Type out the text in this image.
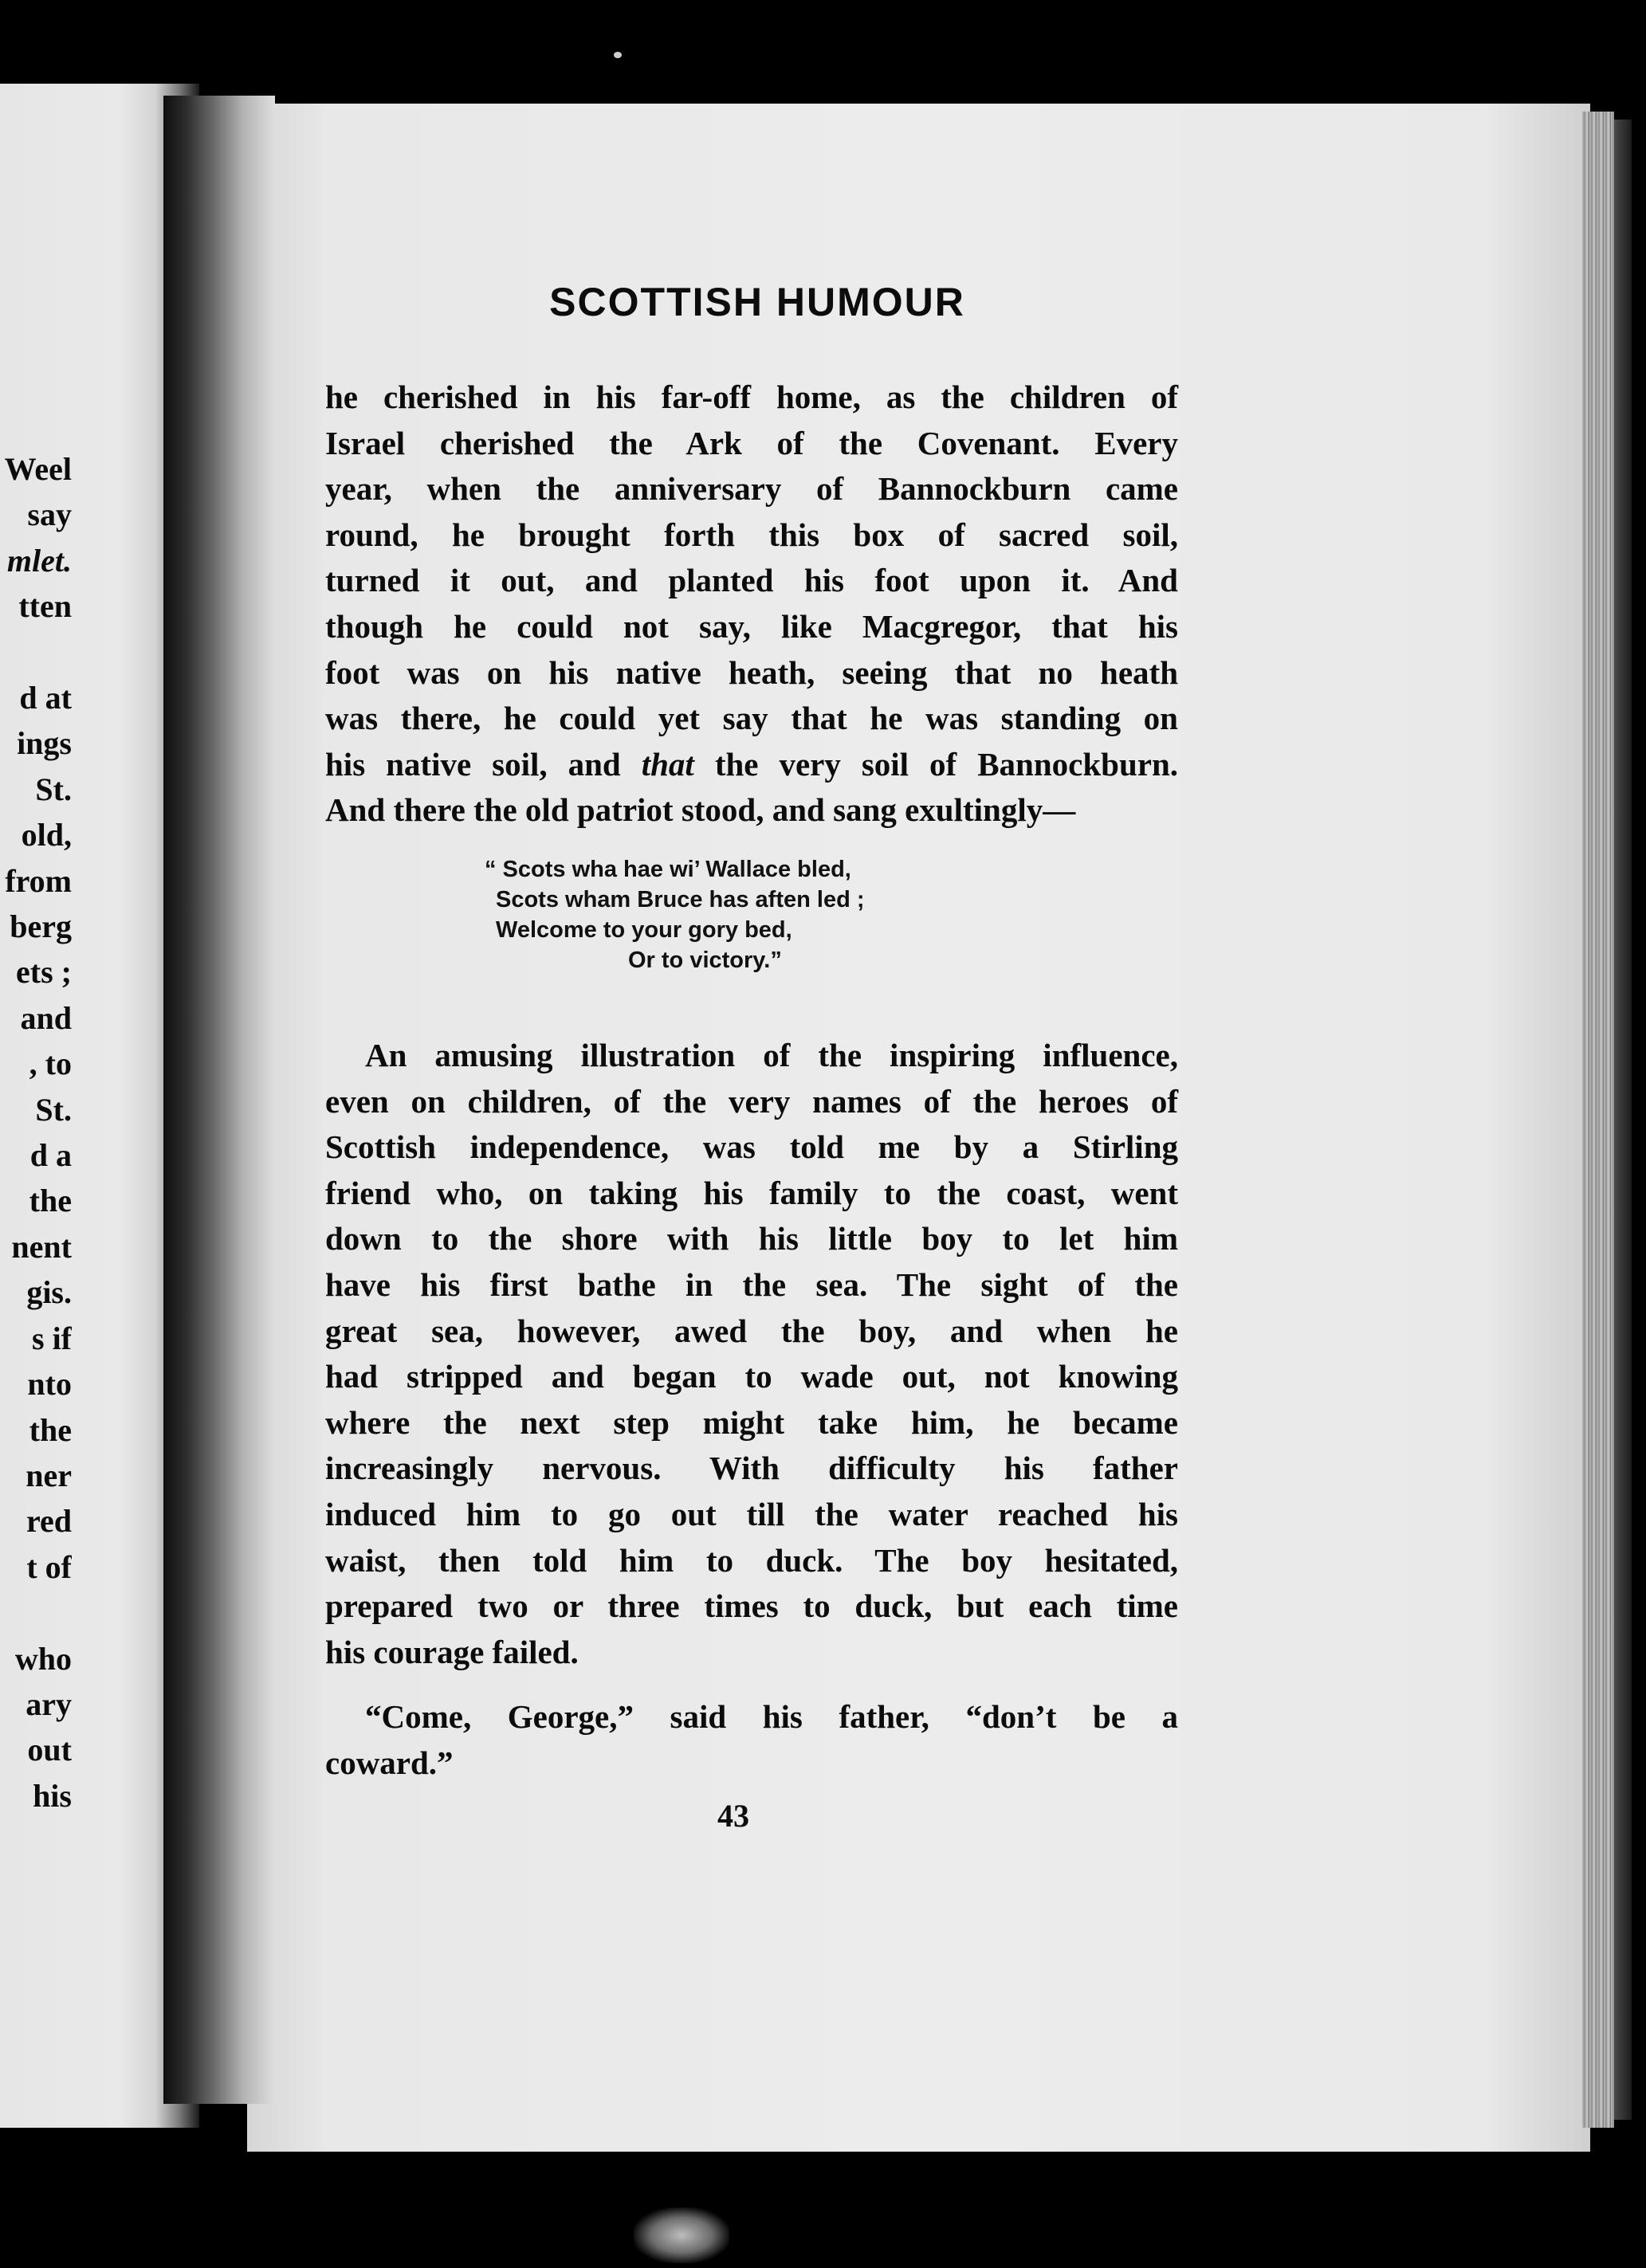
Weel
say
mlet.
tten
d at
ings
St.
old,
from
berg
ets ;
and
, to
St.
d a
the
nent
gis.
s if
nto
the
ner
red
t of
who
ary
out
his
SCOTTISH HUMOUR
he cherished in his far-off home, as the children of
Israel cherished the Ark of the Covenant. Every
year, when the anniversary of Bannockburn came
round, he brought forth this box of sacred soil,
turned it out, and planted his foot upon it. And
though he could not say, like Macgregor, that his
foot was on his native heath, seeing that no heath
was there, he could yet say that he was standing on
his native soil, and that the very soil of Bannockburn.
And there the old patriot stood, and sang exultingly—
“ Scots wha hae wi’ Wallace bled,
Scots wham Bruce has aften led ;
Welcome to your gory bed,
Or to victory.”
An amusing illustration of the inspiring influence,
even on children, of the very names of the heroes of
Scottish independence, was told me by a Stirling
friend who, on taking his family to the coast, went
down to the shore with his little boy to let him
have his first bathe in the sea. The sight of the
great sea, however, awed the boy, and when he
had stripped and began to wade out, not knowing
where the next step might take him, he became
increasingly nervous. With difficulty his father
induced him to go out till the water reached his
waist, then told him to duck. The boy hesitated,
prepared two or three times to duck, but each time
his courage failed.
“Come, George,” said his father, “don’t be a
coward.”
43
